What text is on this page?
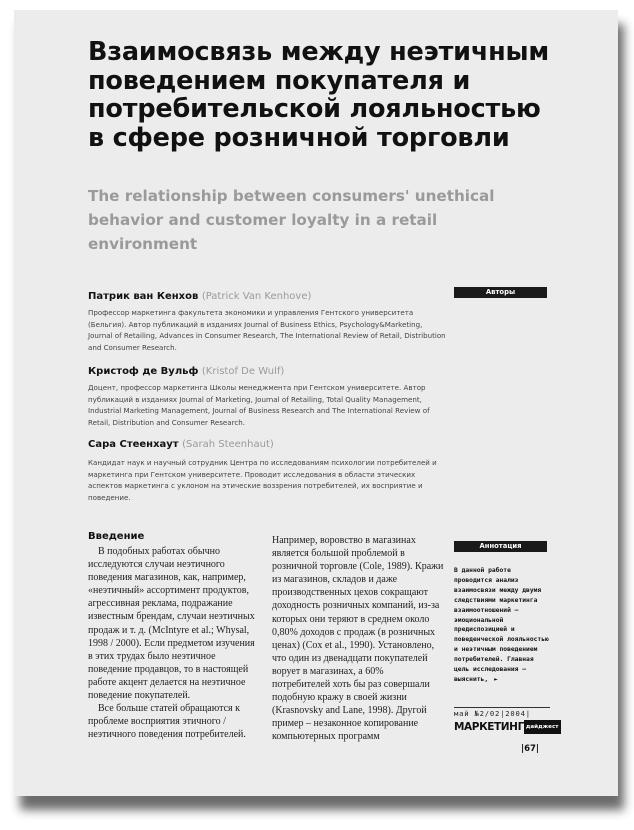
Взаимосвязь между неэтичным поведением покупателя и потребительской лояльностью в сфере розничной торговли
The relationship between consumers' unethical behavior and customer loyalty in a retail environment
Авторы
Патрик ван Кенхов (Patrick Van Kenhove)
Профессор маркетинга факультета экономики и управления Гентского университета (Бельгия). Автор публикаций в изданиях Journal of Business Ethics, Psychology&Marketing, Journal of Retailing, Advances in Consumer Research, The International Review of Retail, Distribution and Consumer Research.
Кристоф де Вульф (Kristof De Wulf)
Доцент, профессор маркетинга Школы менеджмента при Гентском университете. Автор публикаций в изданиях Journal of Marketing, Journal of Retailing, Total Quality Management, Industrial Marketing Management, Journal of Business Research and The International Review of Retail, Distribution and Consumer Research.
Сара Стеенхаут (Sarah Steenhaut)
Кандидат наук и научный сотрудник Центра по исследованиям психологии потребителей и маркетинга при Гентском университете. Проводит исследования в области этических аспектов маркетинга с уклоном на этические воззрения потребителей, их восприятие и поведение.
Введение

В подобных работах обычно исследуются случаи неэтичного поведения магазинов, как, например, «неэтичный» ассортимент продуктов, агрессивная реклама, подражание известным брендам, случаи неэтичных продаж и т. д. (McIntyre et al.; Whysal, 1998 / 2000). Если предметом изучения в этих трудах было неэтичное поведение продавцов, то в настоящей работе акцент делается на неэтичное поведение покупателей.

Все больше статей обращаются к проблеме восприятия этичного / неэтичного поведения потребителей.

Например, воровство в магазинах является большой проблемой в розничной торговле (Cole, 1989). Кражи из магазинов, складов и даже производственных цехов сокращают доходность розничных компаний, из-за которых они теряют в среднем около 0,80% доходов с продаж (в розничных ценах) (Cox et al., 1990). Установлено, что один из двенадцати покупателей ворует в магазинах, а 60% потребителей хоть бы раз совершали подобную кражу в своей жизни (Krasnovsky and Lane, 1998). Другой пример – незаконное копирование компьютерных программ

Аннотация
В данной работе проводится анализ взаимосвязи между двумя следствиями маркетинга взаимоотношений – эмоциональной предиспозицией и поведенческой лояльностью и неэтичным поведением потребителей. Главная цель исследования – выяснить, ►
май №2/02|2004|
МАРКЕТИНГ дайджест
|67|
